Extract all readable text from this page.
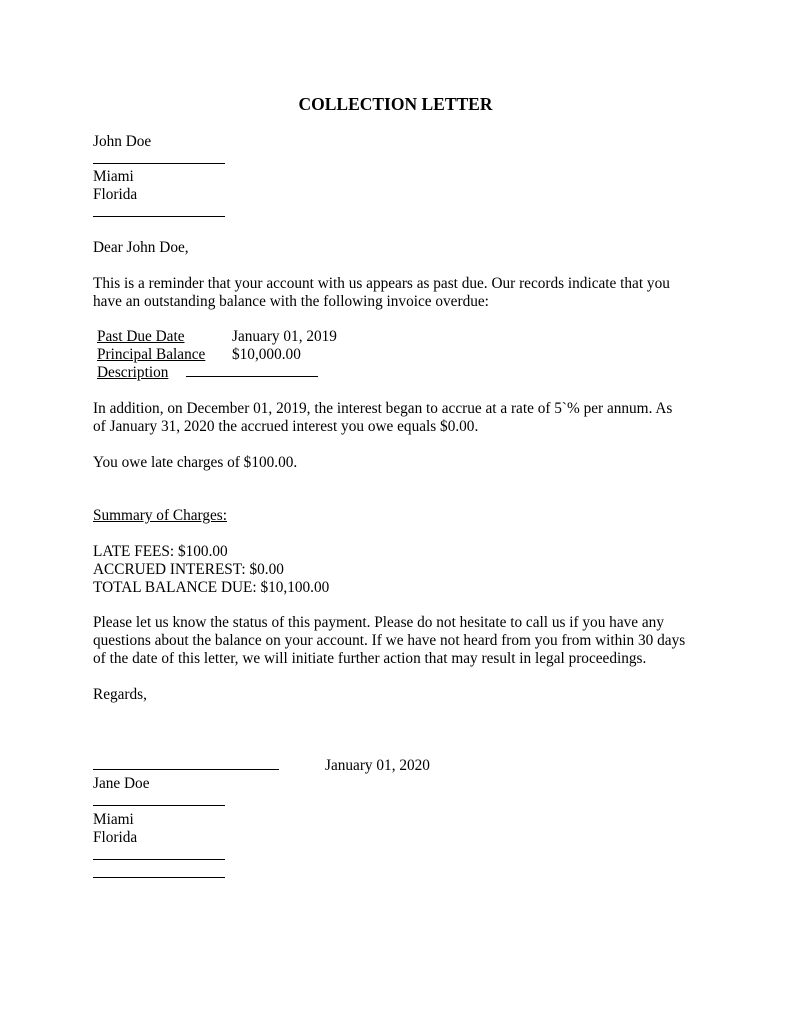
COLLECTION LETTER
John Doe
Miami
Florida
Dear John Doe,
This is a reminder that your account with us appears as past due. Our records indicate that you
have an outstanding balance with the following invoice overdue:
Past Due Date	January 01, 2019
Principal Balance $10,000.00
Description
In addition, on December 01, 2019, the interest began to accrue at a rate of 5`% per annum. As
of January 31, 2020 the accrued interest you owe equals $0.00.
You owe late charges of $100.00.
Summary of Charges:
LATE FEES: $100.00
ACCRUED INTEREST: $0.00
TOTAL BALANCE DUE: $10,100.00
Please let us know the status of this payment. Please do not hesitate to call us if you have any
questions about the balance on your account. If we have not heard from you from within 30 days
of the date of this letter, we will initiate further action that may result in legal proceedings.
Regards,
January 01, 2020
Jane Doe
Miami
Florida
